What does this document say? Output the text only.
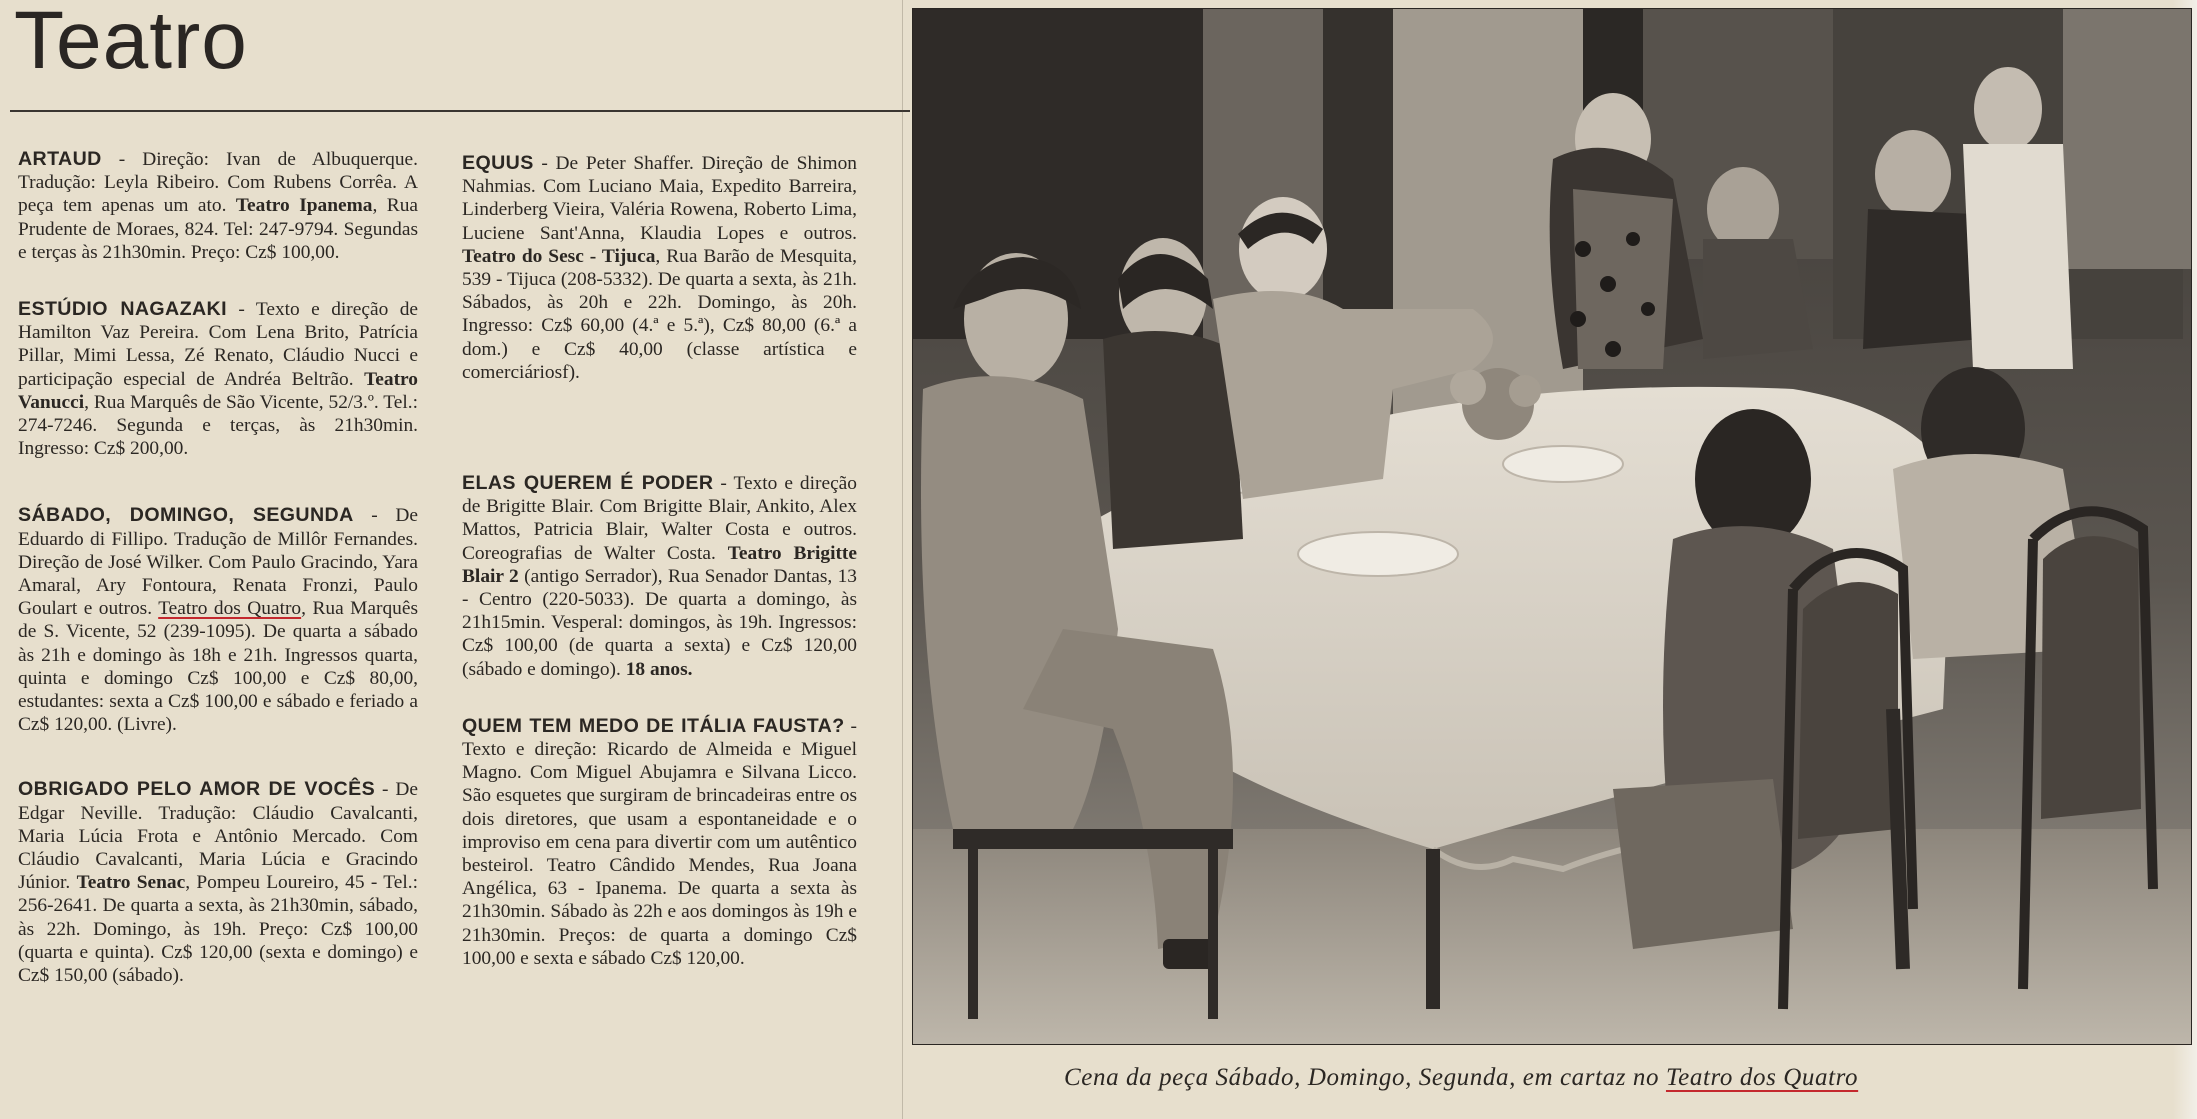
Teatro

ARTAUD - Direção: Ivan de Albuquerque. Tradução: Leyla Ribeiro. Com Rubens Corrêa. A peça tem apenas um ato. Teatro Ipanema, Rua Prudente de Moraes, 824. Tel: 247-9794. Segundas e terças às 21h30min. Preço: Cz$ 100,00.

ESTÚDIO NAGAZAKI - Texto e direção de Hamilton Vaz Pereira. Com Lena Brito, Patrícia Pillar, Mimi Lessa, Zé Renato, Cláudio Nucci e participação especial de Andréa Beltrão. Teatro Vanucci, Rua Marquês de São Vicente, 52/3.º. Tel.: 274-7246. Segunda e terças, às 21h30min. Ingresso: Cz$ 200,00.

SÁBADO, DOMINGO, SEGUNDA - De Eduardo di Fillipo. Tradução de Millôr Fernandes. Direção de José Wilker. Com Paulo Gracindo, Yara Amaral, Ary Fontoura, Renata Fronzi, Paulo Goulart e outros. Teatro dos Quatro, Rua Marquês de S. Vicente, 52 (239-1095). De quarta a sábado às 21h e domingo às 18h e 21h. Ingressos quarta, quinta e domingo Cz$ 100,00 e Cz$ 80,00, estudantes: sexta a Cz$ 100,00 e sábado e feriado a Cz$ 120,00. (Livre).

OBRIGADO PELO AMOR DE VOCÊS - De Edgar Neville. Tradução: Cláudio Cavalcanti, Maria Lúcia Frota e Antônio Mercado. Com Cláudio Cavalcanti, Maria Lúcia e Gracindo Júnior. Teatro Senac, Pompeu Loureiro, 45 - Tel.: 256-2641. De quarta a sexta, às 21h30min, sábado, às 22h. Domingo, às 19h. Preço: Cz$ 100,00 (quarta e quinta). Cz$ 120,00 (sexta e domingo) e Cz$ 150,00 (sábado).

EQUUS - De Peter Shaffer. Direção de Shimon Nahmias. Com Luciano Maia, Expedito Barreira, Linderberg Vieira, Valéria Rowena, Roberto Lima, Luciene Sant'Anna, Klaudia Lopes e outros. Teatro do Sesc - Tijuca, Rua Barão de Mesquita, 539 - Tijuca (208-5332). De quarta a sexta, às 21h. Sábados, às 20h e 22h. Domingo, às 20h. Ingresso: Cz$ 60,00 (4.ª e 5.ª), Cz$ 80,00 (6.ª a dom.) e Cz$ 40,00 (classe artística e comerciáriosf).

ELAS QUEREM É PODER - Texto e direção de Brigitte Blair. Com Brigitte Blair, Ankito, Alex Mattos, Patricia Blair, Walter Costa e outros. Coreografias de Walter Costa. Teatro Brigitte Blair 2 (antigo Serrador), Rua Senador Dantas, 13 - Centro (220-5033). De quarta a domingo, às 21h15min. Vesperal: domingos, às 19h. Ingressos: Cz$ 100,00 (de quarta a sexta) e Cz$ 120,00 (sábado e domingo). 18 anos.

QUEM TEM MEDO DE ITÁLIA FAUSTA? - Texto e direção: Ricardo de Almeida e Miguel Magno. Com Miguel Abujamra e Silvana Licco. São esquetes que surgiram de brincadeiras entre os dois diretores, que usam a espontaneidade e o improviso em cena para divertir com um autêntico besteirol. Teatro Cândido Mendes, Rua Joana Angélica, 63 - Ipanema. De quarta a sexta às 21h30min. Sábado às 22h e aos domingos às 19h e 21h30min. Preços: de quarta a domingo Cz$ 100,00 e sexta e sábado Cz$ 120,00.

Cena da peça Sábado, Domingo, Segunda, em cartaz no Teatro dos Quatro
